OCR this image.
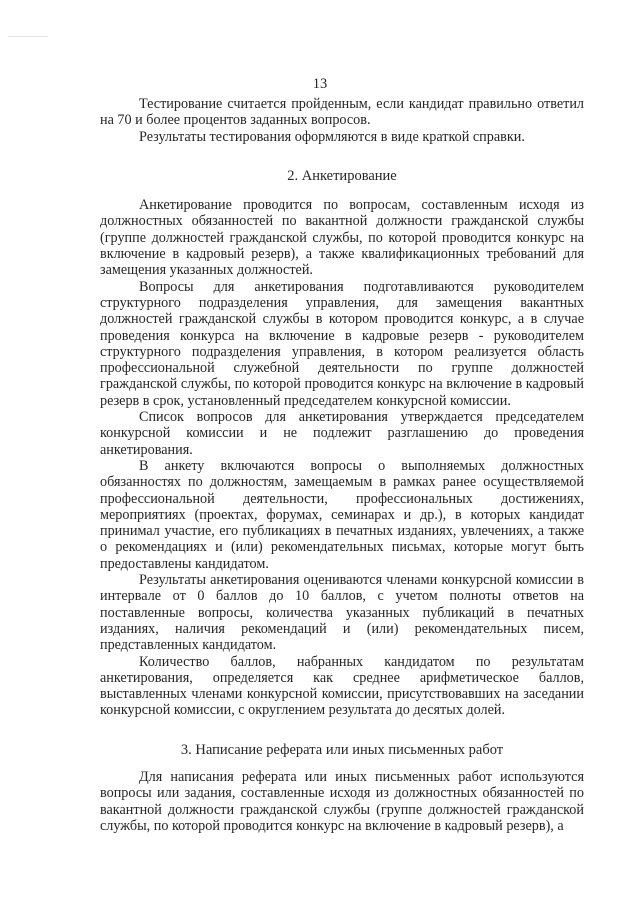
13

Тестирование считается пройденным, если кандидат правильно ответил на 70 и более процентов заданных вопросов.

Результаты тестирования оформляются в виде краткой справки.

2. Анкетирование

Анкетирование проводится по вопросам, составленным исходя из должностных обязанностей по вакантной должности гражданской службы (группе должностей гражданской службы, по которой проводится конкурс на включение в кадровый резерв), а также квалификационных требований для замещения указанных должностей.

Вопросы для анкетирования подготавливаются руководителем структурного подразделения управления, для замещения вакантных должностей гражданской службы в котором проводится конкурс, а в случае проведения конкурса на включение в кадровые резерв - руководителем структурного подразделения управления, в котором реализуется область профессиональной служебной деятельности по группе должностей гражданской службы, по которой проводится конкурс на включение в кадровый резерв в срок, установленный председателем конкурсной комиссии.

Список вопросов для анкетирования утверждается председателем конкурсной комиссии и не подлежит разглашению до проведения анкетирования.

В анкету включаются вопросы о выполняемых должностных обязанностях по должностям, замещаемым в рамках ранее осуществляемой профессиональной деятельности, профессиональных достижениях, мероприятиях (проектах, форумах, семинарах и др.), в которых кандидат принимал участие, его публикациях в печатных изданиях, увлечениях, а также о рекомендациях и (или) рекомендательных письмах, которые могут быть предоставлены кандидатом.

Результаты анкетирования оцениваются членами конкурсной комиссии в интервале от 0 баллов до 10 баллов, с учетом полноты ответов на поставленные вопросы, количества указанных публикаций в печатных изданиях, наличия рекомендаций и (или) рекомендательных писем, представленных кандидатом.

Количество баллов, набранных кандидатом по результатам анкетирования, определяется как среднее арифметическое баллов, выставленных членами конкурсной комиссии, присутствовавших на заседании конкурсной комиссии, с округлением результата до десятых долей.

3. Написание реферата или иных письменных работ

Для написания реферата или иных письменных работ используются вопросы или задания, составленные исходя из должностных обязанностей по вакантной должности гражданской службы (группе должностей гражданской службы, по которой проводится конкурс на включение в кадровый резерв), а
